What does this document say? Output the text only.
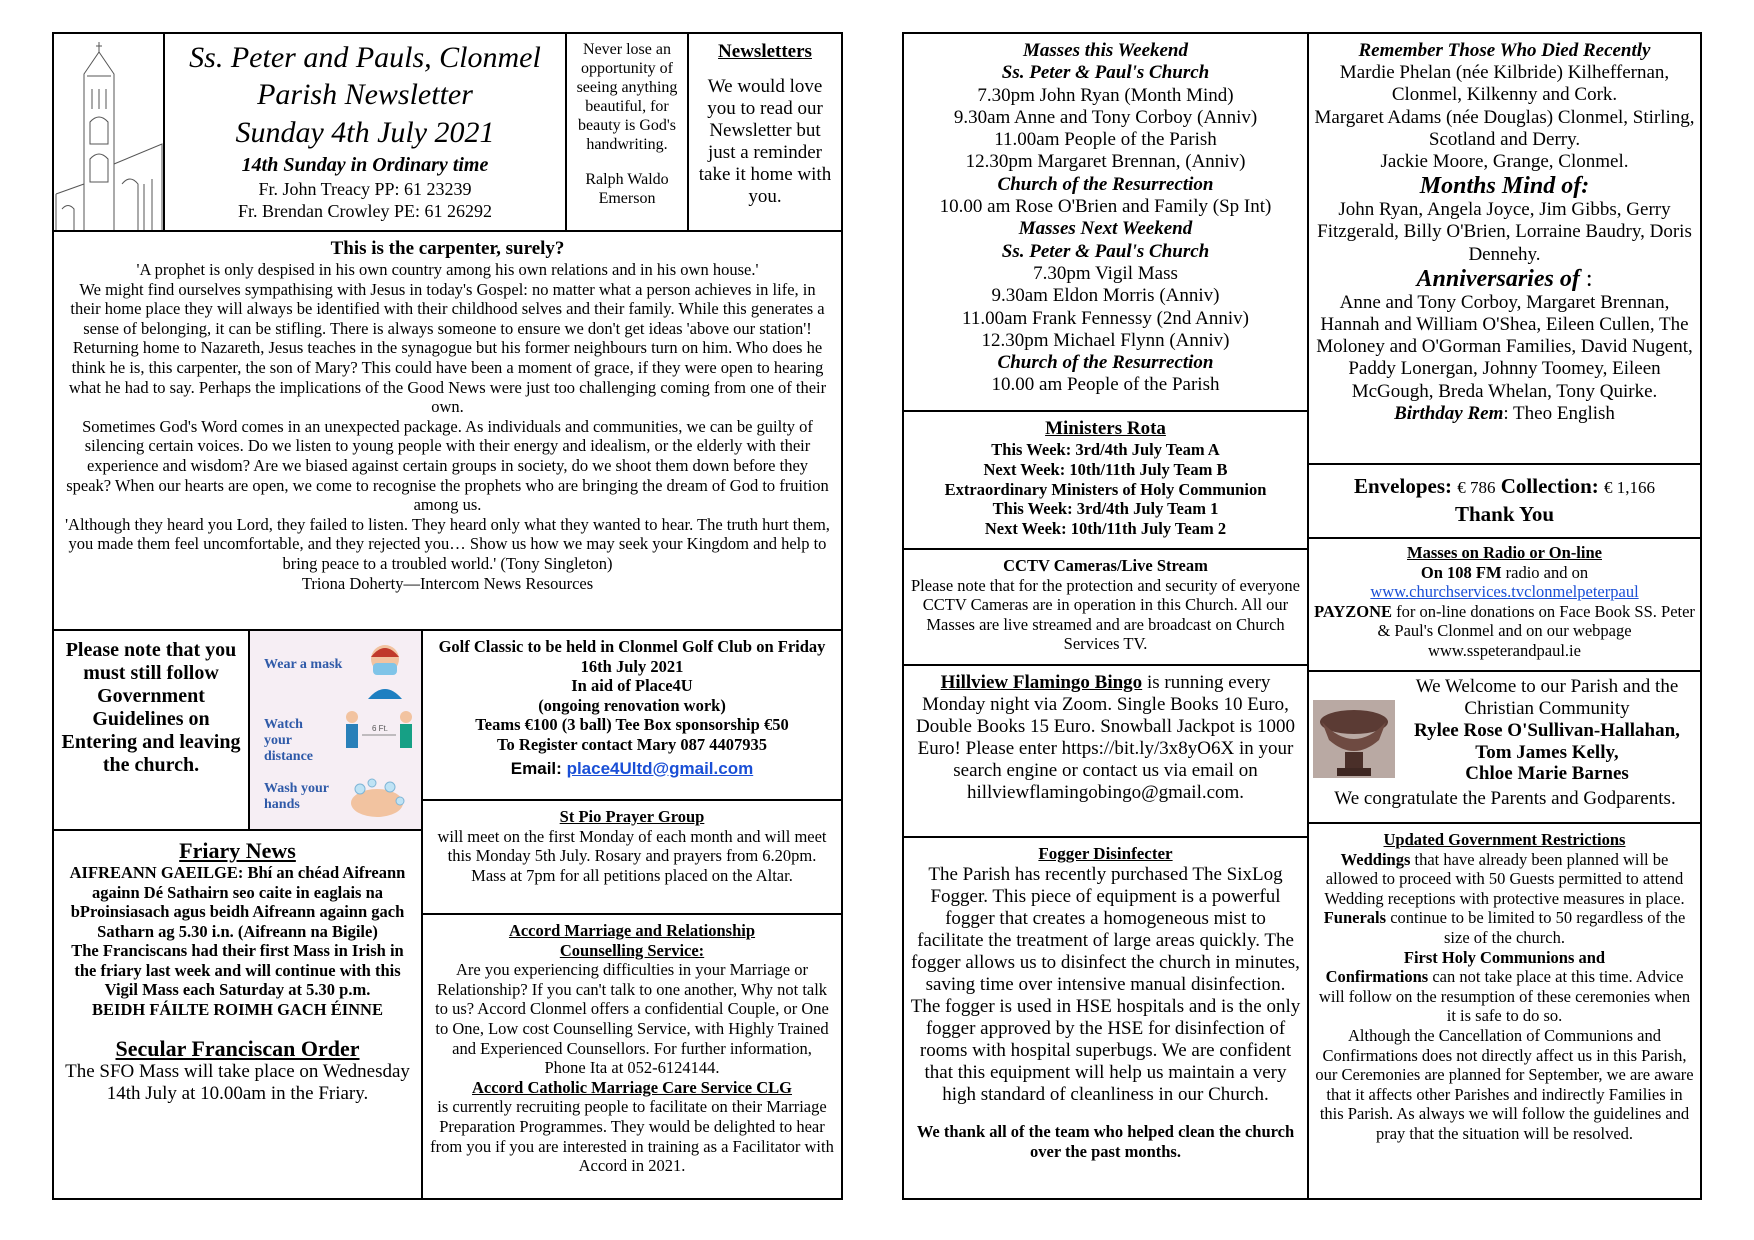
Ss. Peter and Pauls, Clonmel
Parish Newsletter
Sunday 4th July 2021
14th Sunday in Ordinary time
Fr. John Treacy PP: 61 23239
Fr. Brendan Crowley PE: 61 26292
Never lose an opportunity of seeing anything beautiful, for beauty is God's handwriting.
Ralph Waldo Emerson
Newsletters
We would love you to read our Newsletter but just a reminder take it home with you.
This is the carpenter, surely?

'A prophet is only despised in his own country among his own relations and in his own house.'

We might find ourselves sympathising with Jesus in today's Gospel: no matter what a person achieves in life, in their home place they will always be identified with their childhood selves and their family. While this generates a sense of belonging, it can be stifling. There is always someone to ensure we don't get ideas 'above our station'!

Returning home to Nazareth, Jesus teaches in the synagogue but his former neighbours turn on him. Who does he think he is, this carpenter, the son of Mary? This could have been a moment of grace, if they were open to hearing what he had to say. Perhaps the implications of the Good News were just too challenging coming from one of their own.

Sometimes God's Word comes in an unexpected package. As individuals and communities, we can be guilty of silencing certain voices. Do we listen to young people with their energy and idealism, or the elderly with their experience and wisdom? Are we biased against certain groups in society, do we shoot them down before they speak? When our hearts are open, we come to recognise the prophets who are bringing the dream of God to fruition among us.

'Although they heard you Lord, they failed to listen. They heard only what they wanted to hear. The truth hurt them, you made them feel uncomfortable, and they rejected you… Show us how we may seek your Kingdom and help to bring peace to a troubled world.' (Tony Singleton)

Triona Doherty—Intercom News Resources

Please note that you must still follow Government Guidelines on Entering and leaving the church.
Wear a mask
Watch your distance
6 Ft.
Wash your hands
Golf Classic to be held in Clonmel Golf Club on Friday 16th July 2021
In aid of Place4U
(ongoing renovation work)
Teams €100 (3 ball) Tee Box sponsorship €50
To Register contact Mary 087 4407935
Email: place4Ultd@gmail.com
Friary News
AIFREANN GAEILGE: Bhí an chéad Aifreann againn Dé Sathairn seo caite in eaglais na bProinsiasach agus beidh Aifreann againn gach Satharn ag 5.30 i.n. (Aifreann na Bigile)
The Franciscans had their first Mass in Irish in the friary last week and will continue with this Vigil Mass each Saturday at 5.30 p.m.
BEIDH FÁILTE ROIMH GACH ÉINNE
Secular Franciscan Order
The SFO Mass will take place on Wednesday 14th July at 10.00am in the Friary.
St Pio Prayer Group
will meet on the first Monday of each month and will meet this Monday 5th July. Rosary and prayers from 6.20pm. Mass at 7pm for all petitions placed on the Altar.
Accord Marriage and Relationship
Counselling Service:
Are you experiencing difficulties in your Marriage or Relationship? If you can't talk to one another, Why not talk to us? Accord Clonmel offers a confidential Couple, or One to One, Low cost Counselling Service, with Highly Trained and Experienced Counsellors. For further information,
Phone Ita at 052-6124144.
Accord Catholic Marriage Care Service CLG
is currently recruiting people to facilitate on their Marriage Preparation Programmes. They would be delighted to hear from you if you are interested in training as a Facilitator with Accord in 2021.
Masses this Weekend
Ss. Peter & Paul's Church
7.30pm John Ryan (Month Mind)
9.30am Anne and Tony Corboy (Anniv)
11.00am People of the Parish
12.30pm Margaret Brennan, (Anniv)
Church of the Resurrection
10.00 am Rose O'Brien and Family (Sp Int)
Masses Next Weekend
Ss. Peter & Paul's Church
7.30pm Vigil Mass
9.30am Eldon Morris (Anniv)
11.00am Frank Fennessy (2nd Anniv)
12.30pm Michael Flynn (Anniv)
Church of the Resurrection
10.00 am People of the Parish
Ministers Rota
This Week: 3rd/4th July Team A
Next Week: 10th/11th July Team B
Extraordinary Ministers of Holy Communion
This Week: 3rd/4th July Team 1
Next Week: 10th/11th July Team 2
CCTV Cameras/Live Stream
Please note that for the protection and security of everyone CCTV Cameras are in operation in this Church. All our Masses are live streamed and are broadcast on Church Services TV.
Hillview Flamingo Bingo is running every Monday night via Zoom. Single Books 10 Euro, Double Books 15 Euro. Snowball Jackpot is 1000 Euro! Please enter https://bit.ly/3x8yO6X in your search engine or contact us via email on hillviewflamingobingo@gmail.com.
Fogger Disinfecter
The Parish has recently purchased The SixLog Fogger. This piece of equipment is a powerful fogger that creates a homogeneous mist to facilitate the treatment of large areas quickly. The fogger allows us to disinfect the church in minutes, saving time over intensive manual disinfection. The fogger is used in HSE hospitals and is the only fogger approved by the HSE for disinfection of rooms with hospital superbugs. We are confident that this equipment will help us maintain a very high standard of cleanliness in our Church.
We thank all of the team who helped clean the church over the past months.
Remember Those Who Died Recently
Mardie Phelan (née Kilbride) Kilheffernan, Clonmel, Kilkenny and Cork.
Margaret Adams (née Douglas) Clonmel, Stirling, Scotland and Derry.
Jackie Moore, Grange, Clonmel.
Months Mind of:
John Ryan, Angela Joyce, Jim Gibbs, Gerry Fitzgerald, Billy O'Brien, Lorraine Baudry, Doris Dennehy.
Anniversaries of :
Anne and Tony Corboy, Margaret Brennan, Hannah and William O'Shea, Eileen Cullen, The Moloney and O'Gorman Families, David Nugent, Paddy Lonergan, Johnny Toomey, Eileen McGough, Breda Whelan, Tony Quirke.
Birthday Rem: Theo English
Envelopes: € 786 Collection: € 1,166
Thank You
Masses on Radio or On-line
On 108 FM radio and on
www.churchservices.tvclonmelpeterpaul
PAYZONE for on-line donations on Face Book SS. Peter & Paul's Clonmel and on our webpage www.sspeterandpaul.ie
We Welcome to our Parish and the Christian Community
Rylee Rose O'Sullivan-Hallahan,
Tom James Kelly,
Chloe Marie Barnes
We congratulate the Parents and Godparents.
Updated Government Restrictions
Weddings that have already been planned will be allowed to proceed with 50 Guests permitted to attend Wedding receptions with protective measures in place.
Funerals continue to be limited to 50 regardless of the size of the church.
First Holy Communions and
Confirmations can not take place at this time. Advice will follow on the resumption of these ceremonies when it is safe to do so.
Although the Cancellation of Communions and Confirmations does not directly affect us in this Parish, our Ceremonies are planned for September, we are aware that it affects other Parishes and indirectly Families in this Parish. As always we will follow the guidelines and pray that the situation will be resolved.
